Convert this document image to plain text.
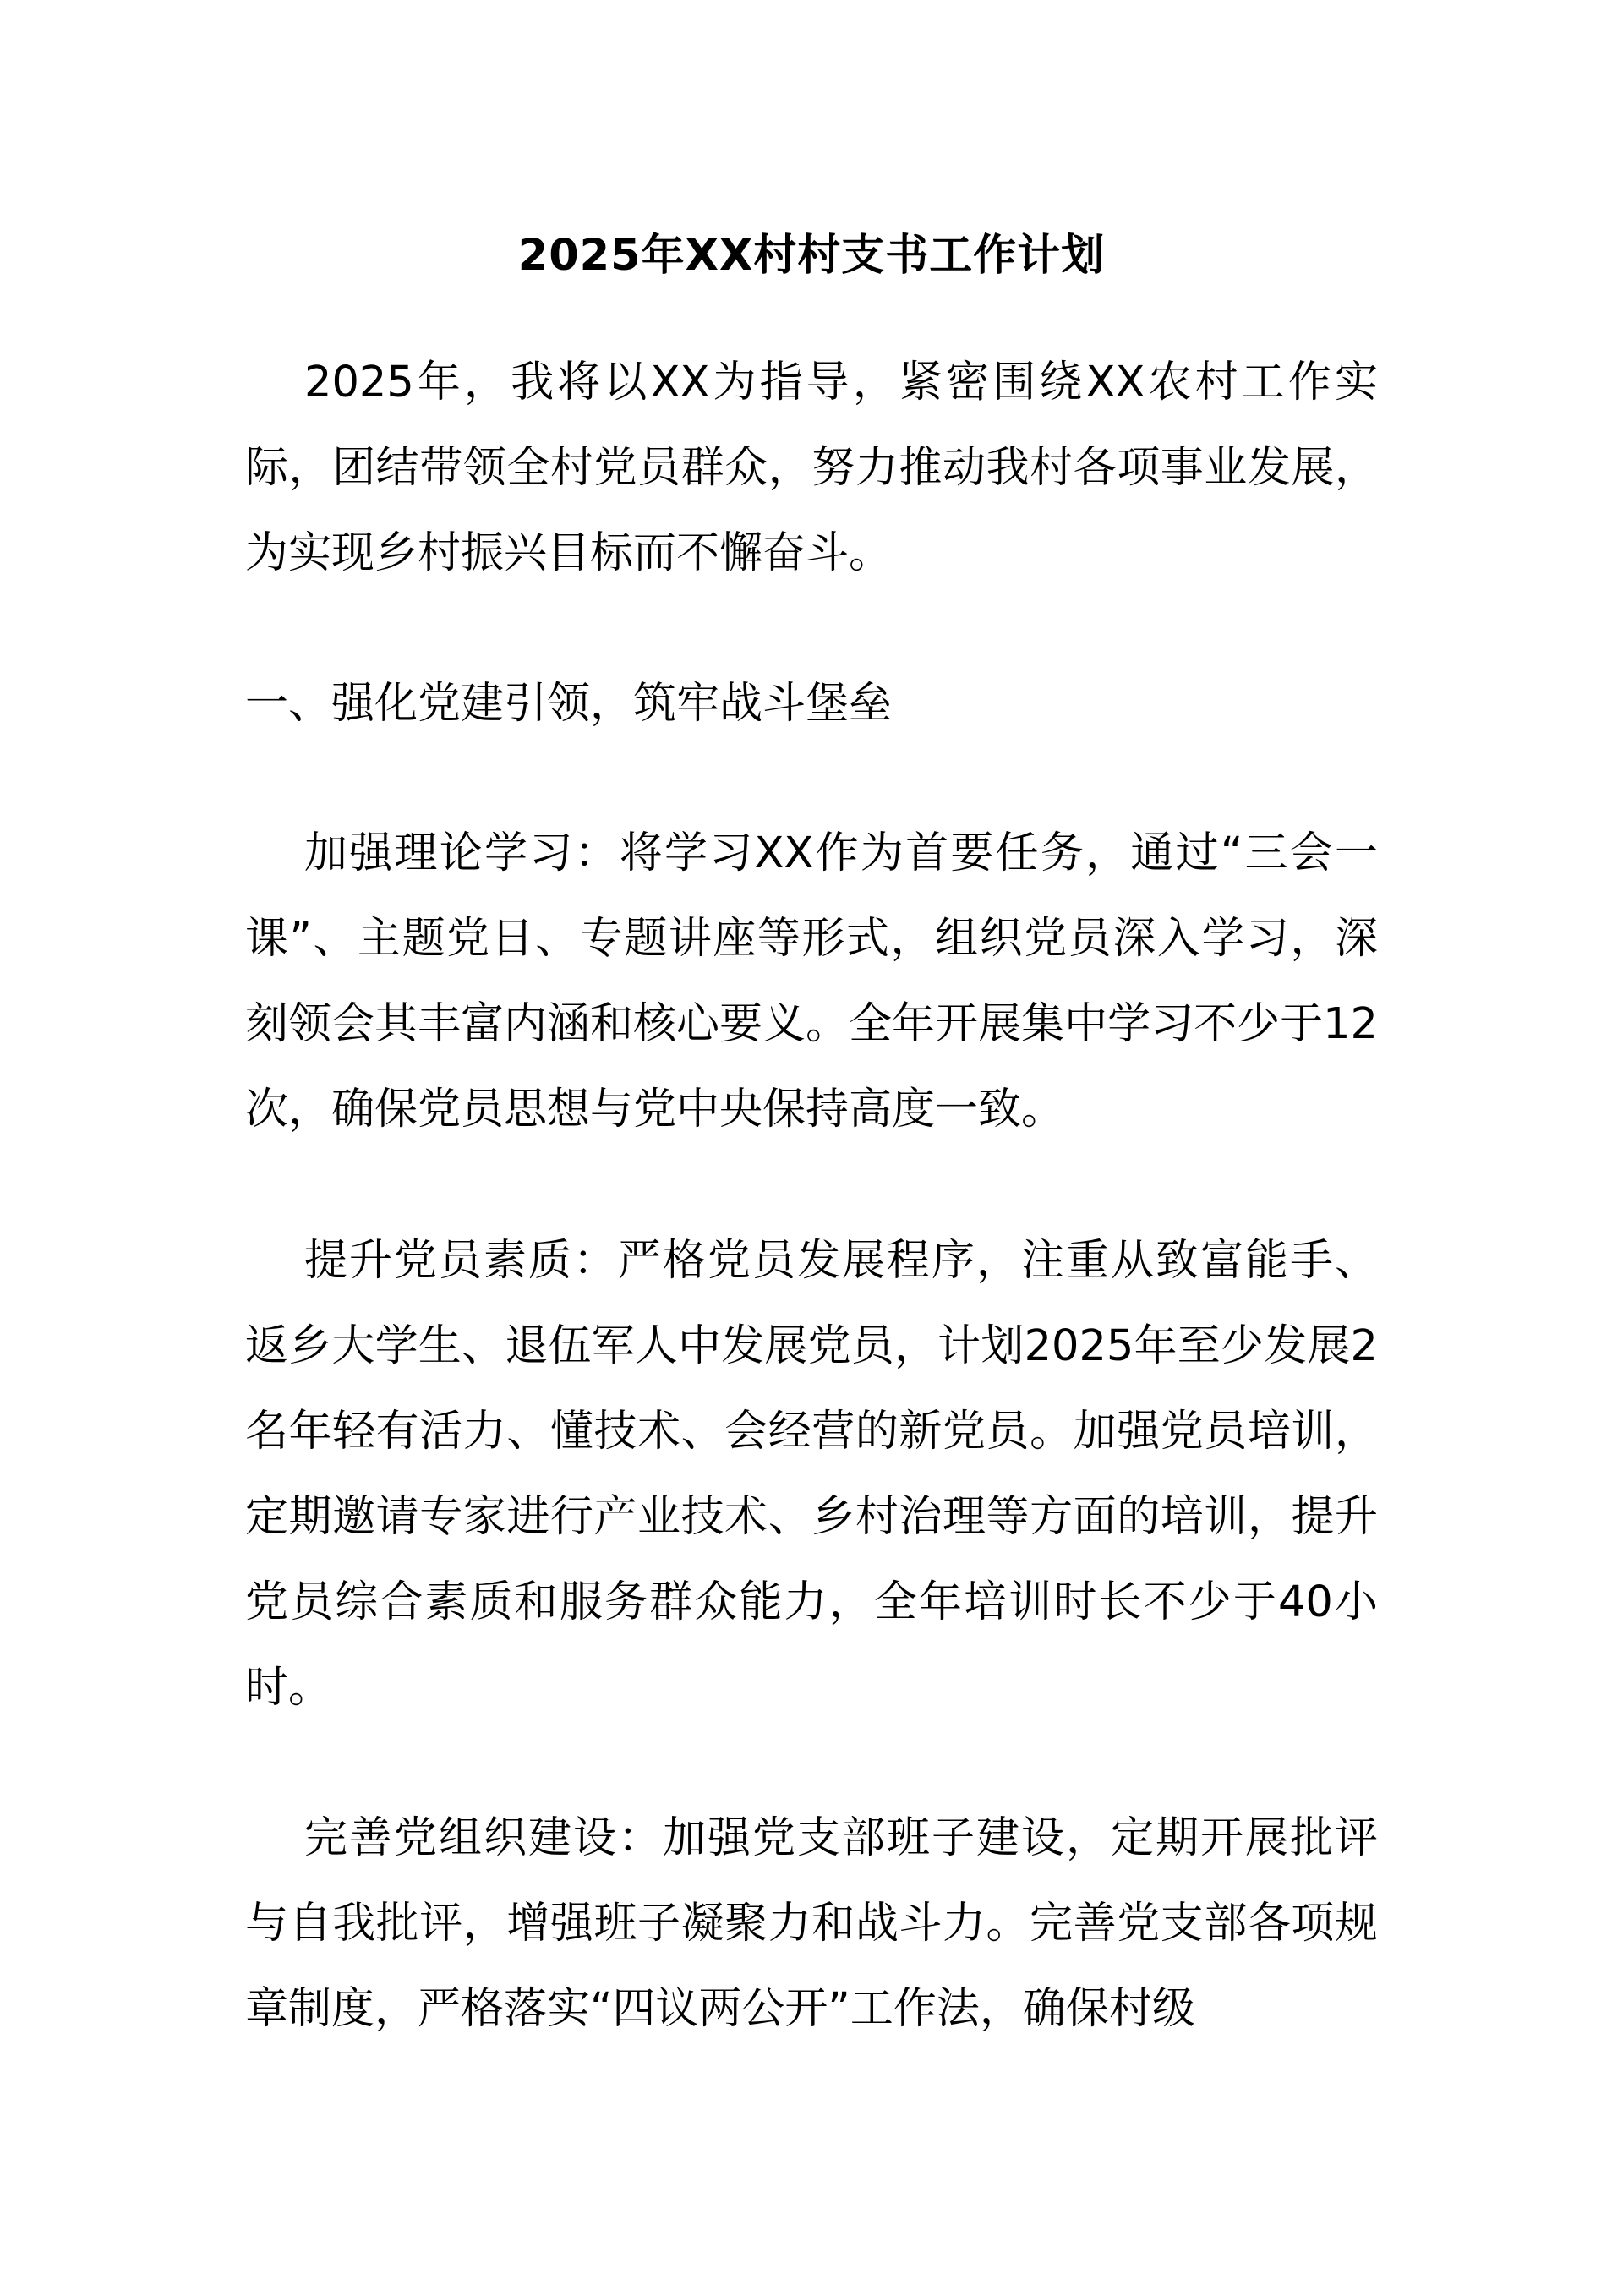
2025年XX村村支书工作计划

2025年，我将以XX为指导，紧密围绕XX农村工作实际，团结带领全村党员群众，努力推动我村各项事业发展，为实现乡村振兴目标而不懈奋斗。

一、强化党建引领，筑牢战斗堡垒

加强理论学习：将学习XX作为首要任务，通过“三会一课”、主题党日、专题讲座等形式，组织党员深入学习，深刻领会其丰富内涵和核心要义。全年开展集中学习不少于12次，确保党员思想与党中央保持高度一致。

提升党员素质：严格党员发展程序，注重从致富能手、返乡大学生、退伍军人中发展党员，计划2025年至少发展2名年轻有活力、懂技术、会经营的新党员。加强党员培训，定期邀请专家进行产业技术、乡村治理等方面的培训，提升党员综合素质和服务群众能力，全年培训时长不少于40小时。

完善党组织建设：加强党支部班子建设，定期开展批评与自我批评，增强班子凝聚力和战斗力。完善党支部各项规章制度，严格落实“四议两公开”工作法，确保村级
